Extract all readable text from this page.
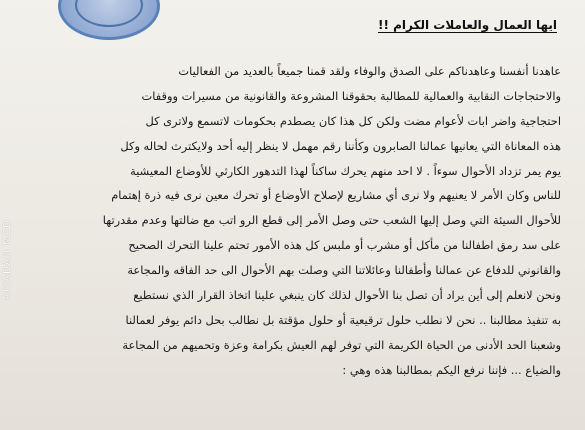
ايها العمال والعاملات الكرام !!
عاهدنا أنفسنا وعاهدناكم على الصدق والوفاء ولقد قمنا جميعاً بالعديد من الفعاليات
والاحتجاجات النقابية والعمالية للمطالبة بحقوقنا المشروعة والقانونية من مسيرات ووقفات
احتجاجية واضر ابات لأعوام مضت ولكن كل هذا كان يصطدم بحكومات لاتسمع ولاترى كل
هذه المعاناة التي يعانيها عمالنا الصابرون وكأننا رقم مهمل لا ينظر إليه أحد ولايكترث لحاله وكل
يوم يمر تزداد الأحوال سوءاً . لا احد منهم يحرك ساكناً لهذا التدهور الكارثي للأوضاع المعيشية
للناس وكان الأمر لا يعنيهم ولا نرى أي مشاريع لإصلاح الأوضاع أو تحرك معين نرى فيه ذرة إهتمام
للأحوال السيئة التي وصل إليها الشعب حتى وصل الأمر إلى قطع الرو اتب مع ضالتها وعدم مقدرتها
على سد رمق اطفالنا من مأكل أو مشرب أو ملبس كل هذه الأمور تحتم علينا التحرك الصحيح
والقانوني للدفاع عن عمالنا وأطفالنا وعائلاتنا التي وصلت بهم الأحوال الى حد الفاقه والمجاعة
ونحن لانعلم إلى أين يراد أن تصل بنا الأحوال لذلك كان ينبغي علينا اتخاذ القرار الذي نستطيع
به تنفيذ مطالبنا .. نحن لا نطلب حلول ترقيعية أو حلول مؤقتة بل نطالب بحل دائم يوفر لعمالنا
وشعبنا الحد الأدنى من الحياة الكريمة التي توفر لهم العيش بكرامة وعزة وتحميهم من المجاعة
والضياع ... فإننا نرفع اليكم بمطالبنا هذه وهي :
AIYADAH MED
